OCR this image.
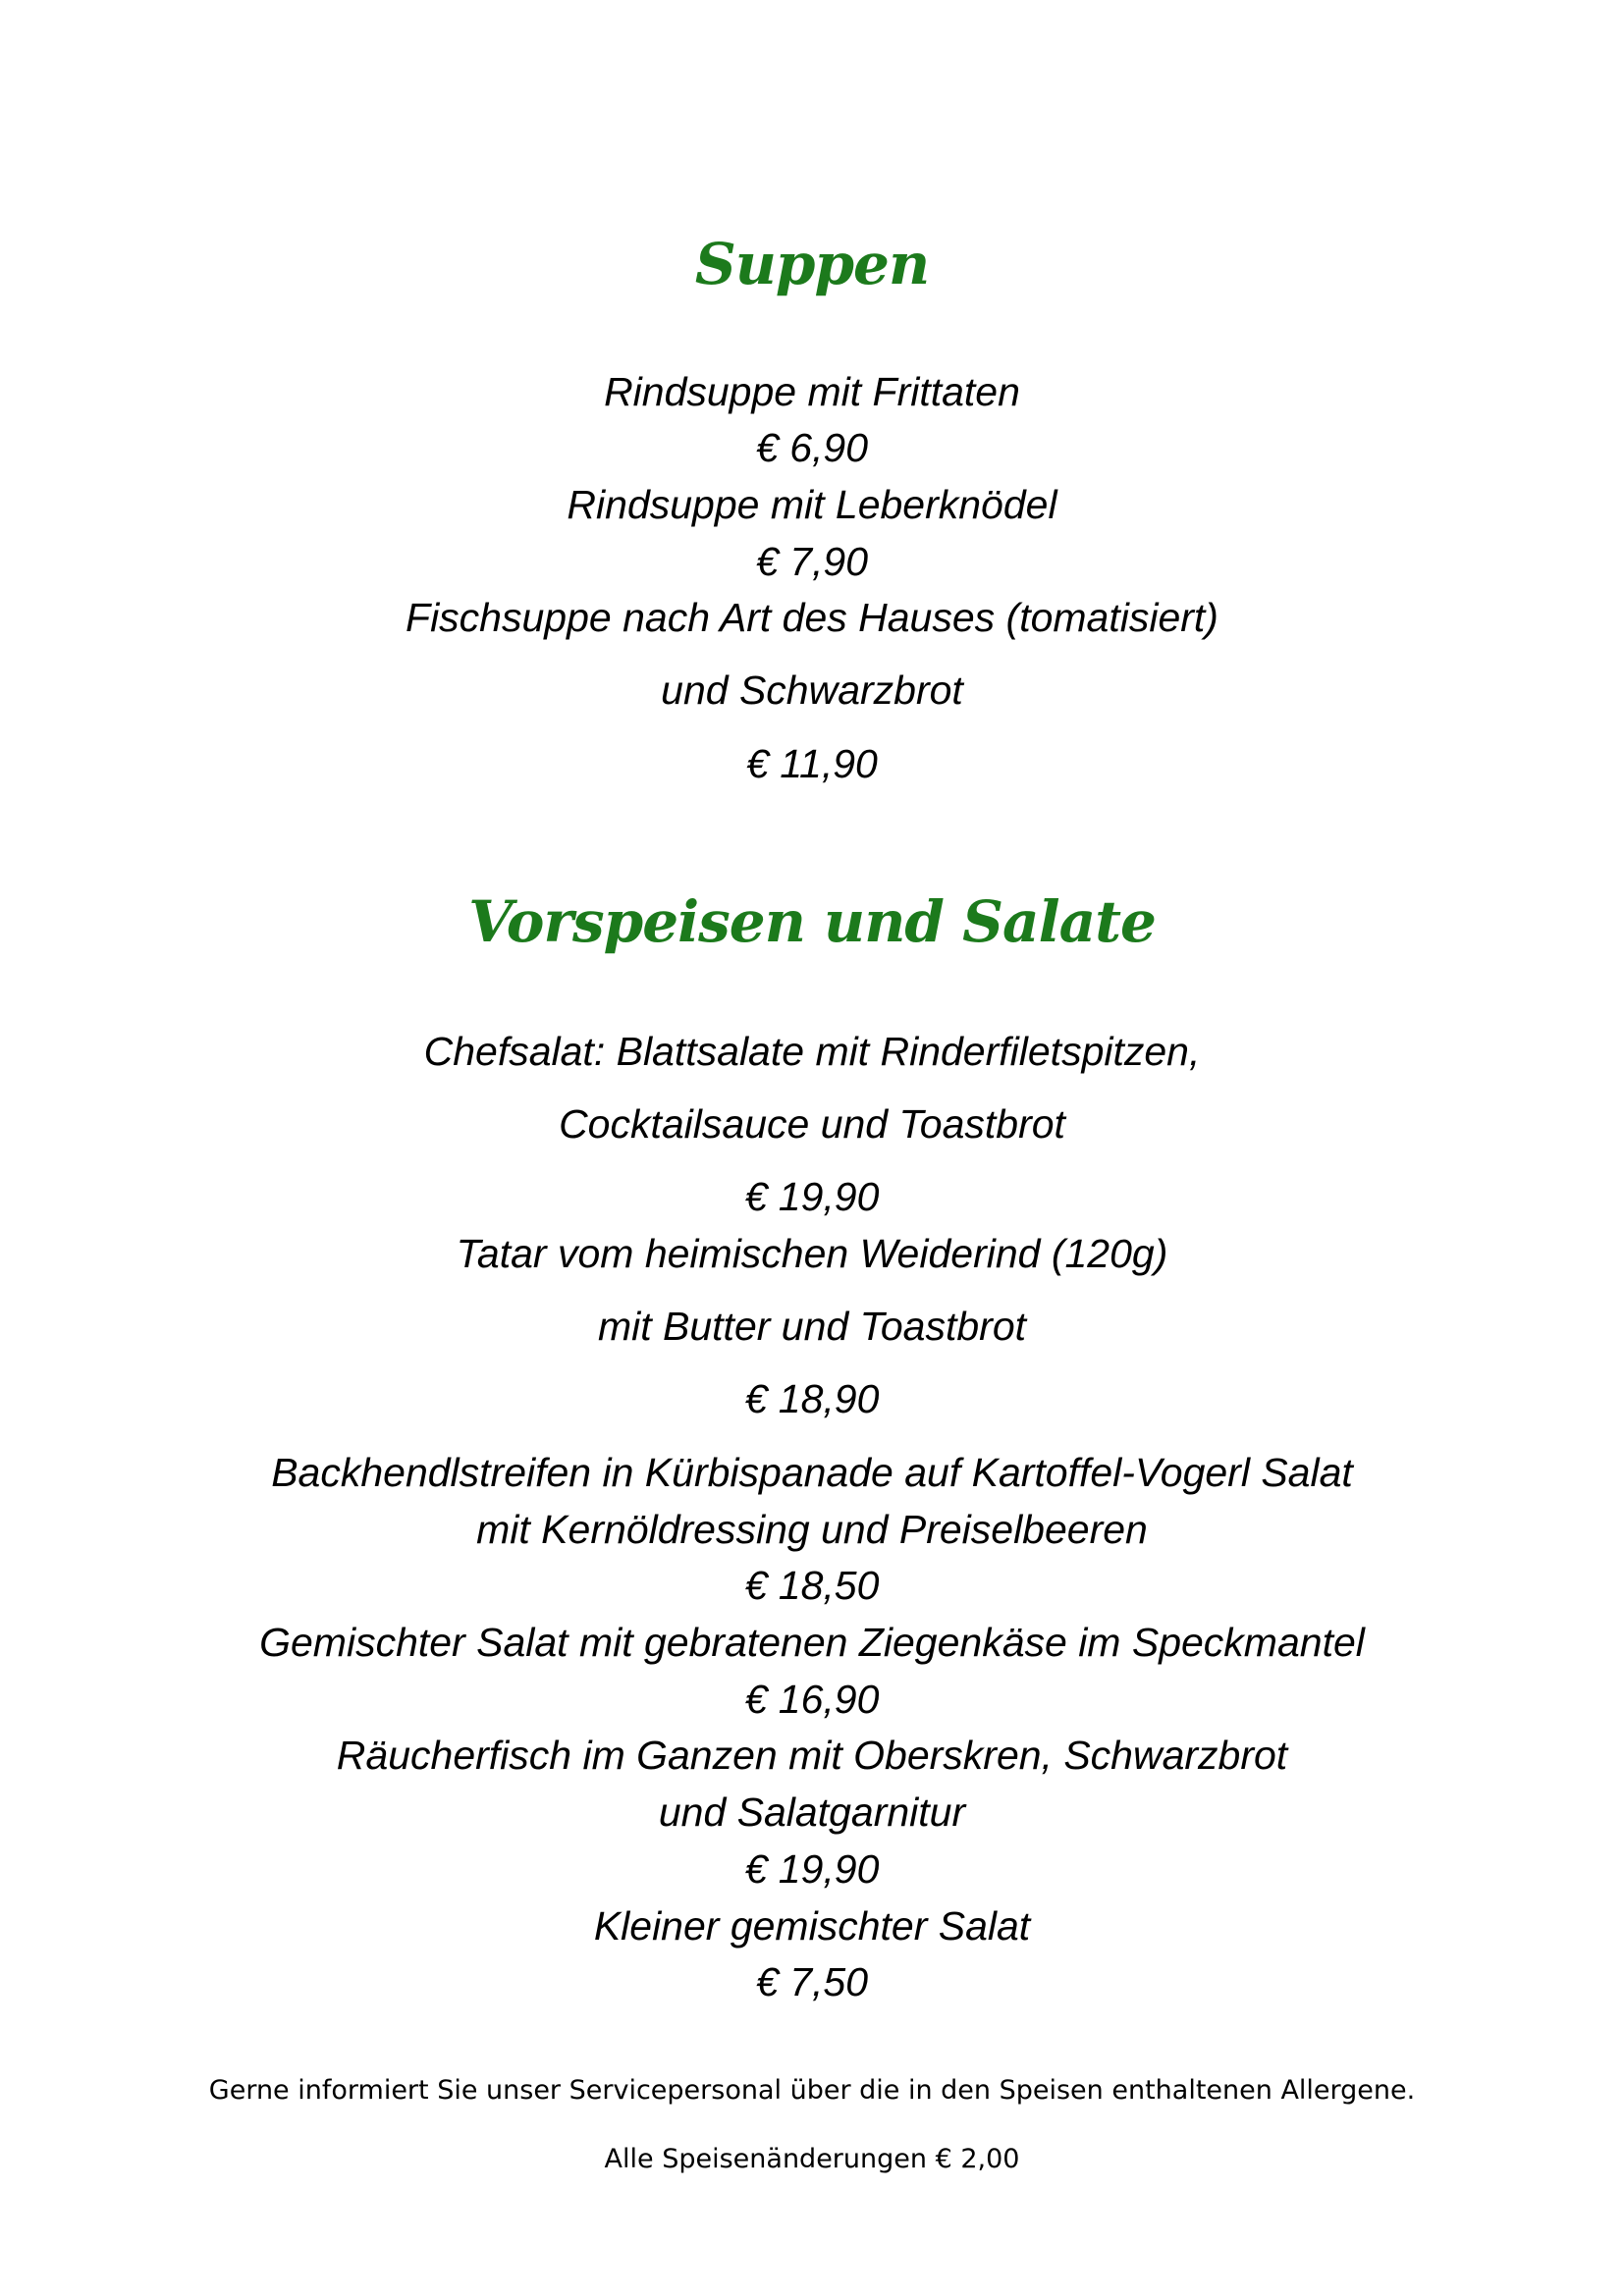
Suppen
Rindsuppe mit Frittaten
€ 6,90
Rindsuppe mit Leberknödel
€ 7,90
Fischsuppe nach Art des Hauses (tomatisiert)
und Schwarzbrot
€ 11,90
Vorspeisen und Salate
Chefsalat: Blattsalate mit Rinderfiletspitzen,
Cocktailsauce und Toastbrot
€ 19,90
Tatar vom heimischen Weiderind (120g)
mit Butter und Toastbrot
€ 18,90
Backhendlstreifen in Kürbispanade auf Kartoffel-Vogerl Salat
mit Kernöldressing und Preiselbeeren
€ 18,50
Gemischter Salat mit gebratenen Ziegenkäse im Speckmantel
€ 16,90
Räucherfisch im Ganzen mit Oberskren, Schwarzbrot
und Salatgarnitur
€ 19,90
Kleiner gemischter Salat
€ 7,50
Gerne informiert Sie unser Servicepersonal über die in den Speisen enthaltenen Allergene.
Alle Speisenänderungen € 2,00
